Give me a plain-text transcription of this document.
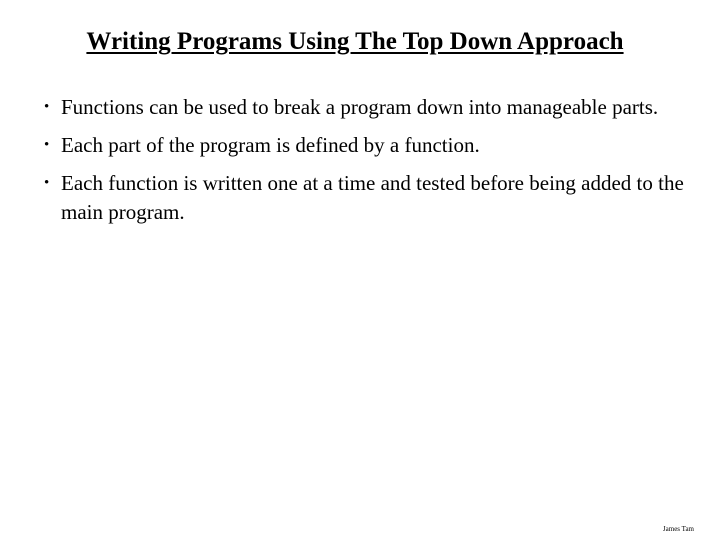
Writing Programs Using The Top Down Approach
• Functions can be used to break a program down into manageable parts.
• Each part of the program is defined by a function.
• Each function is written one at a time and tested before being added to the main program.
James Tam
